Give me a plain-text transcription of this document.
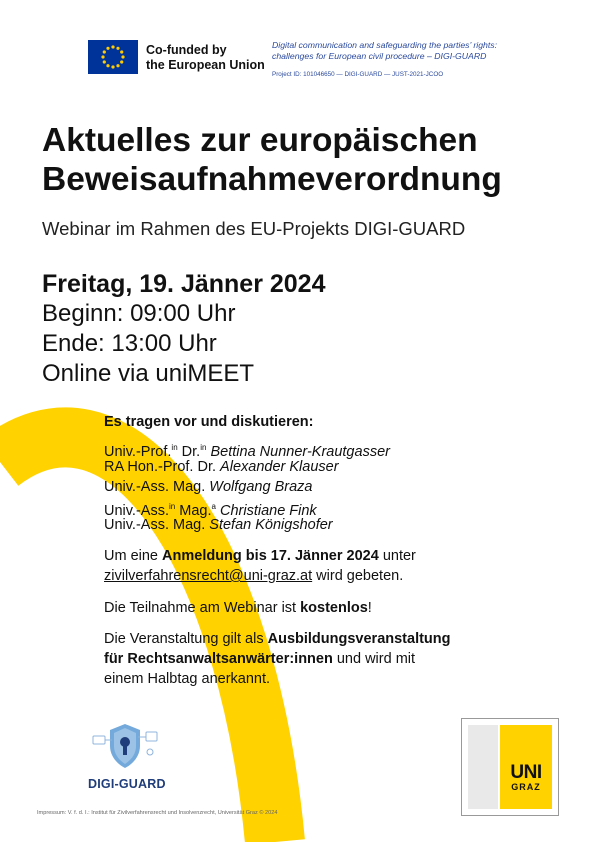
Co-funded by
the European Union
Digital communication and safeguarding the parties’ rights:
challenges for European civil procedure – DIGI-GUARD
Project ID: 101046650 — DIGI-GUARD — JUST-2021-JCOO
Aktuelles zur europäischen
Beweisaufnahmeverordnung
Webinar im Rahmen des EU-Projekts DIGI-GUARD
Freitag, 19. Jänner 2024
Beginn: 09:00 Uhr
Ende: 13:00 Uhr
Online via uniMEET
Es tragen vor und diskutieren:
Univ.-Prof.$^{in}$ Dr.$^{in}$ Bettina Nunner-Krautgasser
RA Hon.-Prof. Dr. Alexander Klauser
Univ.-Ass. Mag. Wolfgang Braza
Univ.-Ass.$^{in}$ Mag.$^a$ Christiane Fink
Univ.-Ass. Mag. Stefan Königshofer
Um eine Anmeldung bis 17. Jänner 2024 unter
zivilverfahrensrecht@uni-graz.at wird gebeten.
Die Teilnahme am Webinar ist kostenlos!
Die Veranstaltung gilt als Ausbildungsveranstaltung
für Rechtsanwaltsanwärter:innen und wird mit
einem Halbtag anerkannt.
DIGI-GUARD
Impressum: V. f. d. I.: Institut für Zivilverfahrensrecht und Insolvenzrecht, Universität Graz © 2024
UNI
GRAZ
